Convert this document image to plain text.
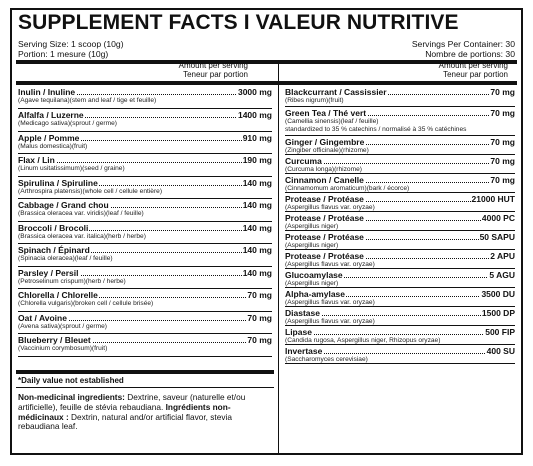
SUPPLEMENT FACTS I VALEUR NUTRITIVE
Serving Size: 1 scoop (10g)
Portion: 1 mesure (10g)
Servings Per Container: 30
Nombre de portions: 30
Amount per serving
Teneur par portion
Amount per serving
Teneur par portion
Inulin / Inuline	3000 mg
(Agave tequilana)(stem and leaf / tige et feuille)
Alfalfa / Luzerne	1400 mg
(Medicago sativa)(sprout / germe)
Apple / Pomme	910 mg
(Malus domestica)(fruit)
Flax / Lin	190 mg
(Linum usitatissimum)(seed / graine)
Spirulina / Spiruline	140 mg
(Arthrospira platensis)(whole cell / cellule entière)
Cabbage / Grand chou	140 mg
(Brassica oleracea var. viridis)(leaf / feuille)
Broccoli / Brocoli	140 mg
(Brassica oleracea var. italica)(herb / herbe)
Spinach / Épinard	140 mg
(Spinacia oleracea)(leaf / feuille)
Parsley / Persil	140 mg
(Petroselinum crispum)(herb / herbe)
Chlorella / Chlorelle	70 mg
(Chlorella vulgaris)(broken cell / cellule brisée)
Oat / Avoine	70 mg
(Avena sativa)(sprout / germe)
Blueberry / Bleuet	70 mg
(Vaccinium corymbosum)(fruit)
Blackcurrant / Cassissier	70 mg
(Ribes nigrum)(fruit)
Green Tea / Thé vert	70 mg
(Camellia sinensis)(leaf / feuille)
standardized to 35 % catechins / normalisé à 35 % catéchines
Ginger / Gingembre	70 mg
(Zingiber officinale)(rhizome)
Curcuma	70 mg
(Curcuma longa)(rhizome)
Cinnamon / Canelle	70 mg
(Cinnamomum aromaticum)(bark / écorce)
Protease / Protéase	21000 HUT
(Aspergillus flavus var. oryzae)
Protease / Protéase	4000 PC
(Aspergillus niger)
Protease / Protéase	50 SAPU
(Aspergillus niger)
Protease / Protéase	2 APU
(Aspergillus flavus var. oryzae)
Glucoamylase	5 AGU
(Aspergillus niger)
Alpha-amylase	3500 DU
(Aspergillus flavus var. oryzae)
Diastase	1500 DP
(Aspergillus flavus var. oryzae)
Lipase	500 FIP
(Candida rugosa, Aspergillus niger, Rhizopus oryzae)
Invertase	400 SU
(Saccharomyces cerevisiae)
*Daily value not established
Non-medicinal ingredients: Dextrine, saveur (naturelle et/ou artificielle), feuille de stévia rebaudiana. Ingrédients non-médicinaux : Dextrin, natural and/or artificial flavor, stevia rebaudiana leaf.
